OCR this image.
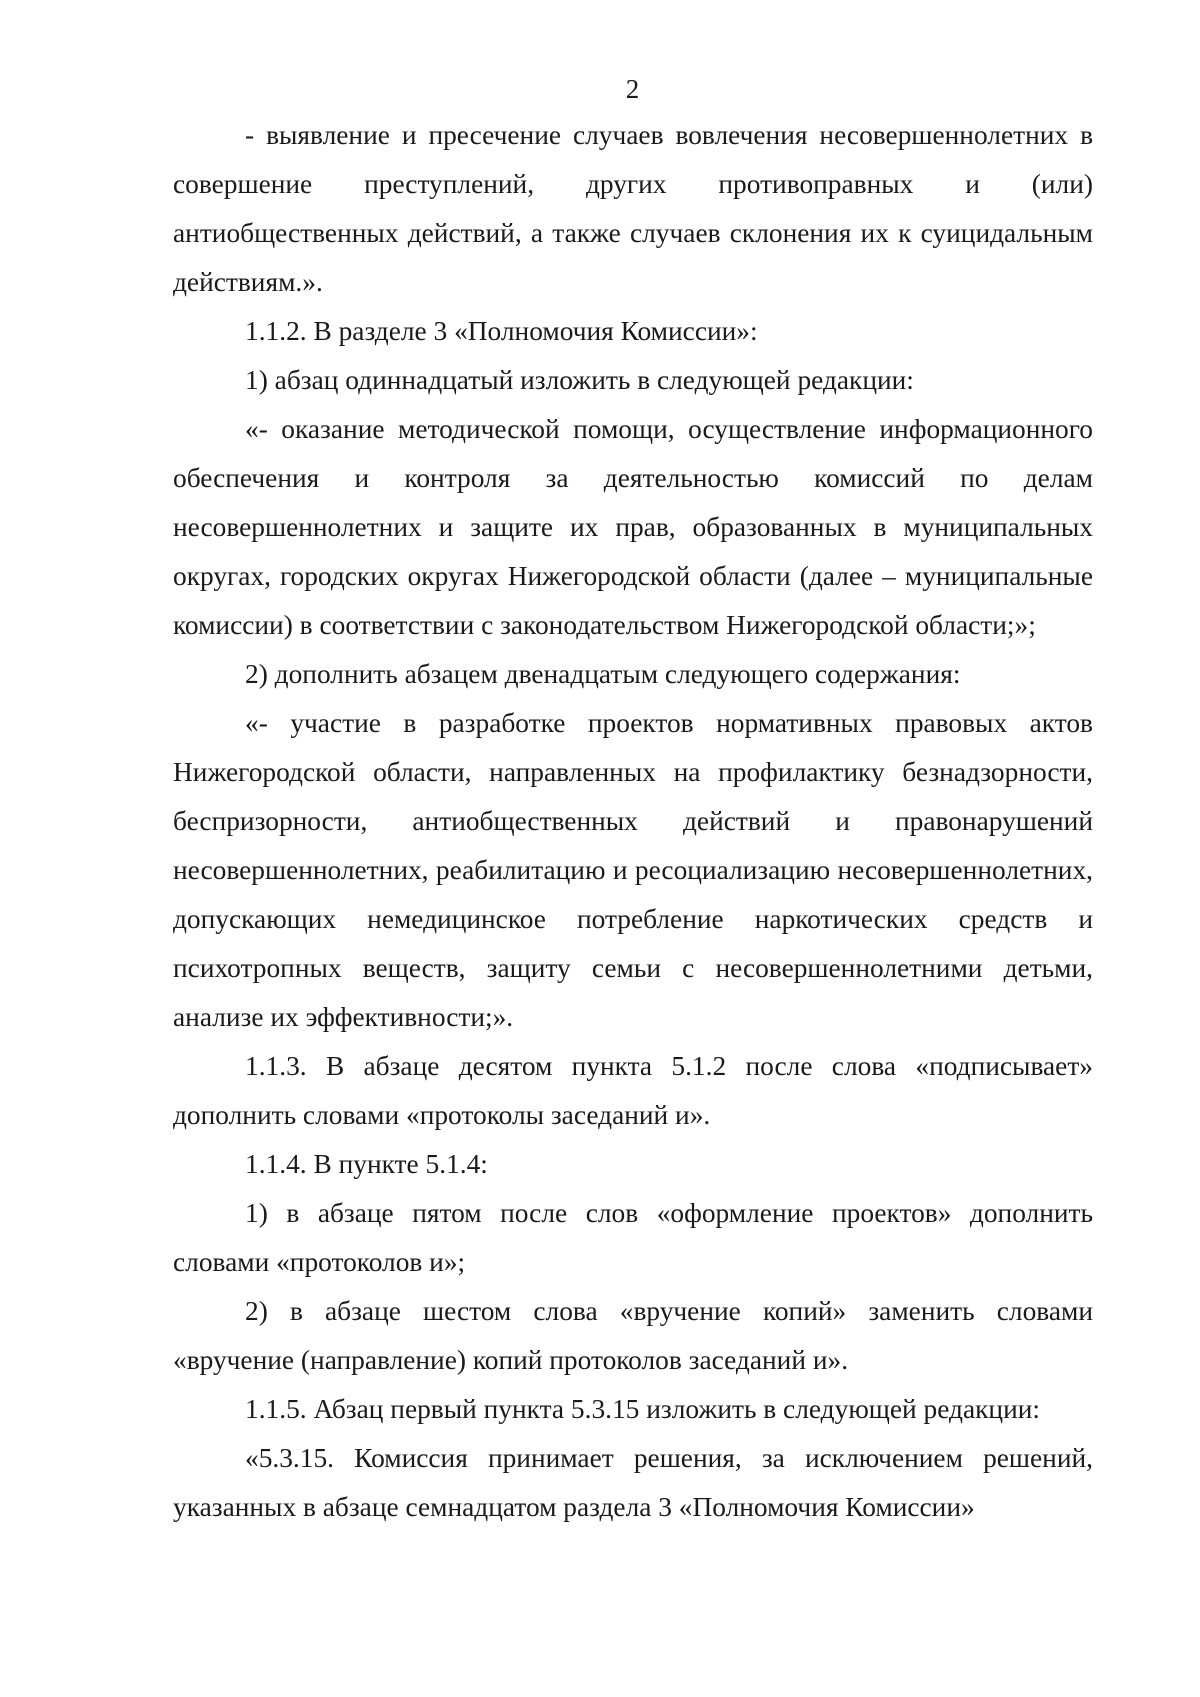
2

- выявление и пресечение случаев вовлечения несовершеннолетних в совершение преступлений, других противоправных и (или) антиобщественных действий, а также случаев склонения их к суицидальным действиям.».

1.1.2. В разделе 3 «Полномочия Комиссии»:

1) абзац одиннадцатый изложить в следующей редакции:

«- оказание методической помощи, осуществление информационного обеспечения и контроля за деятельностью комиссий по делам несовершеннолетних и защите их прав, образованных в муниципальных округах, городских округах Нижегородской области (далее – муниципальные комиссии) в соответствии с законодательством Нижегородской области;»;

2) дополнить абзацем двенадцатым следующего содержания:

«- участие в разработке проектов нормативных правовых актов Нижегородской области, направленных на профилактику безнадзорности, беспризорности, антиобщественных действий и правонарушений несовершеннолетних, реабилитацию и ресоциализацию несовершеннолетних, допускающих немедицинское потребление наркотических средств и психотропных веществ, защиту семьи с несовершеннолетними детьми, анализе их эффективности;».

1.1.3. В абзаце десятом пункта 5.1.2 после слова «подписывает» дополнить словами «протоколы заседаний и».

1.1.4. В пункте 5.1.4:

1) в абзаце пятом после слов «оформление проектов» дополнить словами «протоколов и»;

2) в абзаце шестом слова «вручение копий» заменить словами «вручение (направление) копий протоколов заседаний и».

1.1.5. Абзац первый пункта 5.3.15 изложить в следующей редакции:

«5.3.15. Комиссия принимает решения, за исключением решений, указанных в абзаце семнадцатом раздела 3 «Полномочия Комиссии»
